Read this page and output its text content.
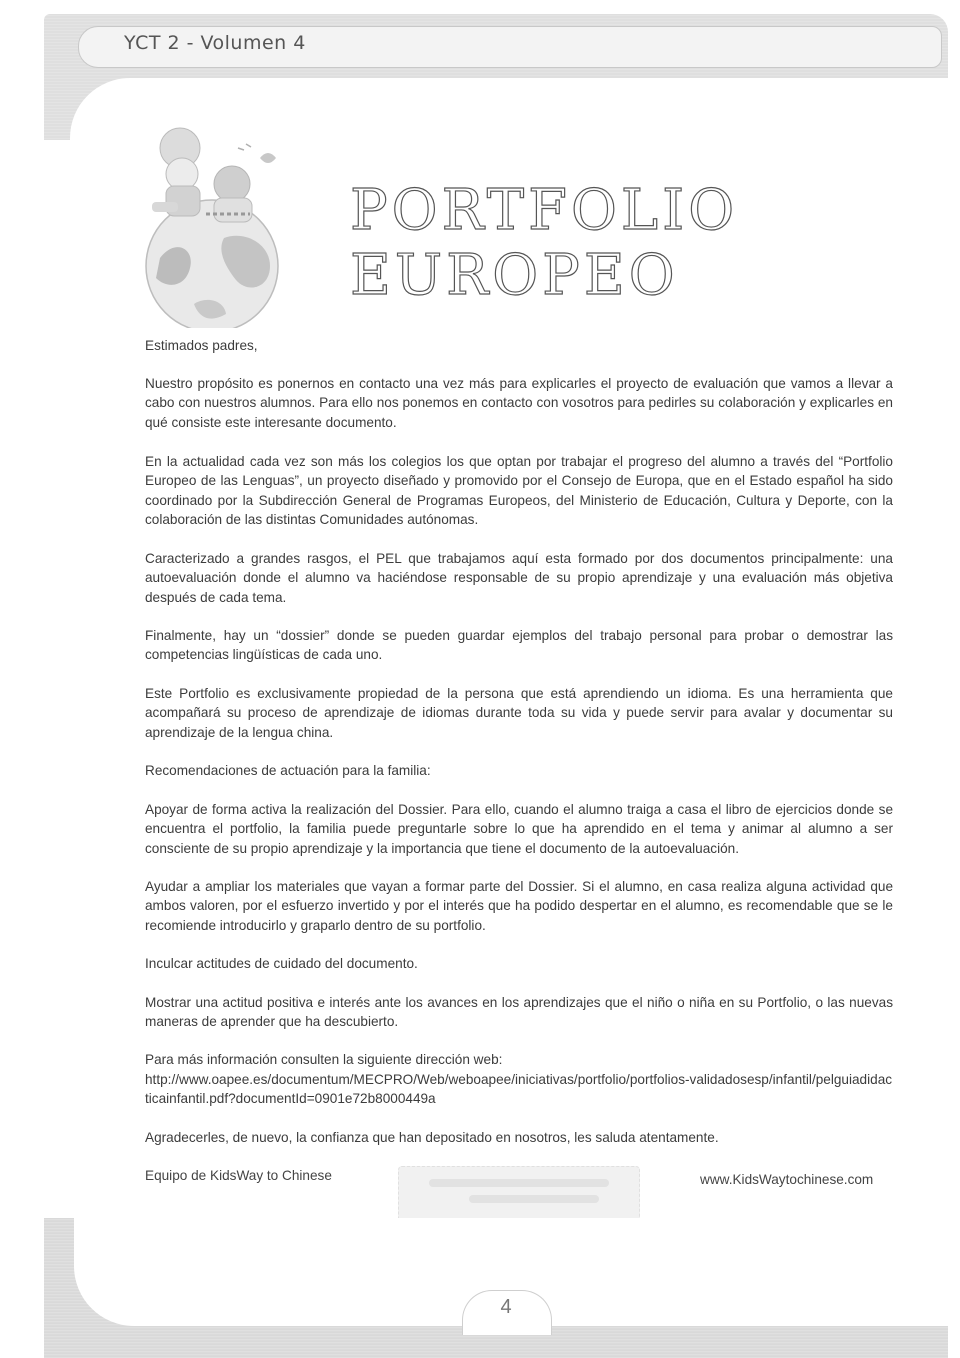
YCT 2 - Volumen 4
PORTFOLIO EUROPEO

Estimados padres,

Nuestro propósito es ponernos en contacto una vez más para explicarles el proyecto de evaluación que vamos a llevar a cabo con nuestros alumnos. Para ello nos ponemos en contacto con vosotros para pedirles su colaboración y explicarles en qué consiste este interesante documento.

En la actualidad cada vez son más los colegios los que optan por trabajar el progreso del alumno a través del “Portfolio Europeo de las Lenguas”, un proyecto diseñado y promovido por el Consejo de Europa, que en el Estado español ha sido coordinado por la Subdirección General de Programas Europeos, del Ministerio de Educación, Cultura y Deporte, con la colaboración de las distintas Comunidades autónomas.

Caracterizado a grandes rasgos, el PEL que trabajamos aquí esta formado por dos documentos principalmente: una autoevaluación donde el alumno va haciéndose responsable de su propio aprendizaje y una evaluación más objetiva después de cada tema.

Finalmente, hay un “dossier” donde se pueden guardar ejemplos del trabajo personal para probar o demostrar las competencias lingüísticas de cada uno.

Este Portfolio es exclusivamente propiedad de la persona que está aprendiendo un idioma. Es una herramienta que acompañará su proceso de aprendizaje de idiomas durante toda su vida y puede servir para avalar y documentar su aprendizaje de la lengua china.

Recomendaciones de actuación para la familia:

Apoyar de forma activa la realización del Dossier. Para ello, cuando el alumno traiga a casa el libro de ejercicios donde se encuentra el portfolio, la familia puede preguntarle sobre lo que ha aprendido en el tema y animar al alumno a ser consciente de su propio aprendizaje y la importancia que tiene el documento de la autoevaluación.

Ayudar a ampliar los materiales que vayan a formar parte del Dossier. Si el alumno, en casa realiza alguna actividad que ambos valoren, por el esfuerzo invertido y por el interés que ha podido despertar en el alumno, es recomendable que se le recomiende introducirlo y graparlo dentro de su portfolio.

Inculcar actitudes de cuidado del documento.

Mostrar una actitud positiva e interés ante los avances en los aprendizajes que el niño o niña en su Portfolio, o las nuevas maneras de aprender que ha descubierto.

Para más información consulten la siguiente dirección web:

http://www.oapee.es/documentum/MECPRO/Web/weboapee/iniciativas/portfolio/portfolios-validadosesp/infantil/pelguiadidacticainfantil.pdf?documentId=0901e72b8000449a

Agradecerles, de nuevo, la confianza que han depositado en nosotros, les saluda atentamente.

Equipo de KidsWay to Chinese	www.KidsWaytochinese.com
4
